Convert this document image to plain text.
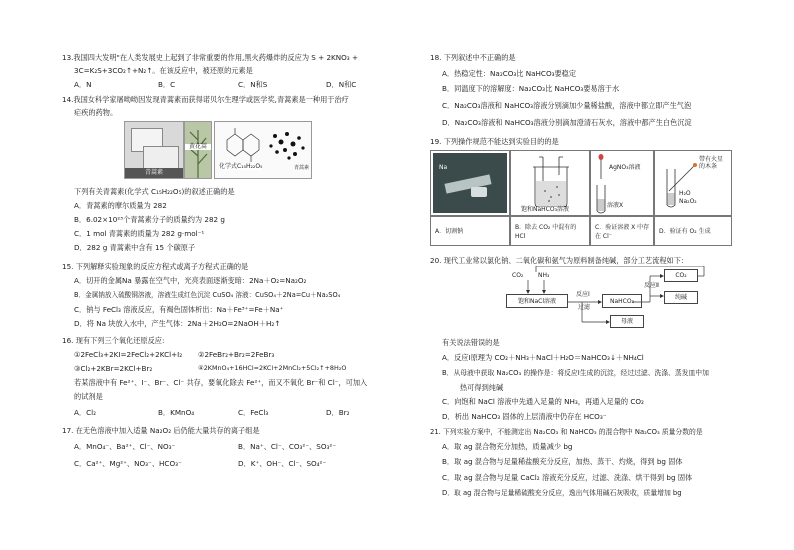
13.我国四大发明"在人类发展史上起到了非常重要的作用,黑火药爆炸的反应为 S + 2KNO₃ +
3C=K₂S+3CO₂↑+N₂↑。在该反应中，被还原的元素是
A．N	B．C	C．N和S	D．N和C
14.我国女科学家屠呦呦因发现青蒿素而获得诺贝尔生理学或医学奖,青蒿素是一种用于治疗
疟疾的药物。
青蒿素
黄花蒿
化学式C₁₅H₂₂O₅	青蒿素
下列有关青蒿素(化学式 C₁₅H₂₂O₅)的叙述正确的是
A．青蒿素的摩尔质量为 282
B．6.02×10²³个青蒿素分子的质量约为 282 g
C．1 mol 青蒿素的质量为 282 g·mol⁻¹
D．282 g 青蒿素中含有 15 个碳原子
15. 下列解释实验现象的反应方程式或离子方程式正确的是
A．切开的金属Na 暴露在空气中，光亮表面逐渐变暗：2Na＋O₂=Na₂O₂
B．金属钠放入硫酸铜溶液，溶液生成红色沉淀 CuSO₄ 溶液：CuSO₄＋2Na=Cu＋Na₂SO₄
C．钠与 FeCl₃ 溶液反应，有褐色固体析出：Na＋Fe³⁺=Fe＋Na⁺
D．将 Na 块放入水中，产生气体：2Na＋2H₂O=2NaOH＋H₂↑
16. 现有下列三个氧化还原反应:
①2FeCl₃+2KI=2FeCl₂+2KCl+I₂ ②2FeBr₂+Br₂=2FeBr₃
③Cl₂+2KBr=2KCl+Br₂	④2KMnO₄+16HCl=2KCl+2MnCl₂+5Cl₂↑+8H₂O
若某溶液中有 Fe²⁺、I⁻、Br⁻、Cl⁻ 共存，要氧化除去 Fe²⁺，而又不氧化 Br⁻和 Cl⁻，可加入
的试剂是
A．Cl₂	B．KMnO₄	C．FeCl₃	D．Br₂
17. 在无色溶液中加入适量 Na₂O₂ 后仍能大量共存的离子组是
A．MnO₄⁻、Ba²⁺、Cl⁻、NO₃⁻	B．Na⁺、Cl⁻、CO₃²⁻、SO₃²⁻
C．Ca²⁺、Mg²⁺、NO₃⁻、HCO₃⁻	D．K⁺、OH⁻、Cl⁻、SO₄²⁻
18. 下列叙述中不正确的是
A．热稳定性：Na₂CO₃比 NaHCO₃要稳定
B．同温度下的溶解度：Na₂CO₃比 NaHCO₃要易溶于水
C．Na₂CO₃溶液和 NaHCO₃溶液分别滴加少量稀盐酸，溶液中都立即产生气泡
D．Na₂CO₃溶液和 NaHCO₃溶液分别滴加澄清石灰水，溶液中都产生白色沉淀
19. 下列操作规范不能达到实验目的的是
Na
饱和NaHCO₃溶液
AgNO₃溶液
溶液X
带有火星
的木条
H₂O
Na₂O₂
A．切割钠
B．除去 CO₂ 中混有的 HCl
C．验证溶液 X 中存在 Cl⁻
D．验证有 O₂ 生成
20. 现代工业常以氯化钠、二氧化碳和氨气为原料制备纯碱，部分工艺流程如下：
CO₂ NH₃
饱和NaCl溶液
反应Ⅰ
过滤
NaHCO₃
反应Ⅱ
CO₂
纯碱
母液
有关说法错误的是
A．反应Ⅰ原理为 CO₂＋NH₃＋NaCl＋H₂O＝NaHCO₃↓＋NH₄Cl
B．从母液中获取 Na₂CO₃ 的操作是：将反应Ⅰ生成的沉淀，经过过滤、洗涤、蒸发皿中加
热可得到纯碱
C．向饱和 NaCl 溶液中先通入足量的 NH₃，再通入足量的 CO₂
D．析出 NaHCO₃ 固体的上层清液中仍存在 HCO₃⁻
21. 下列实验方案中，不能测定出 Na₂CO₃ 和 NaHCO₃ 的混合物中 Na₂CO₃ 质量分数的是
A．取 ag 混合物充分加热，质量减少 bg
B．取 ag 混合物与足量稀盐酸充分反应，加热、蒸干、灼烧，得到 bg 固体
C．取 ag 混合物与足量 CaCl₂ 溶液充分反应，过滤、洗涤、烘干得到 bg 固体
D．取 ag 混合物与足量稀硫酸充分反应，逸出气体用碱石灰吸收，质量增加 bg
